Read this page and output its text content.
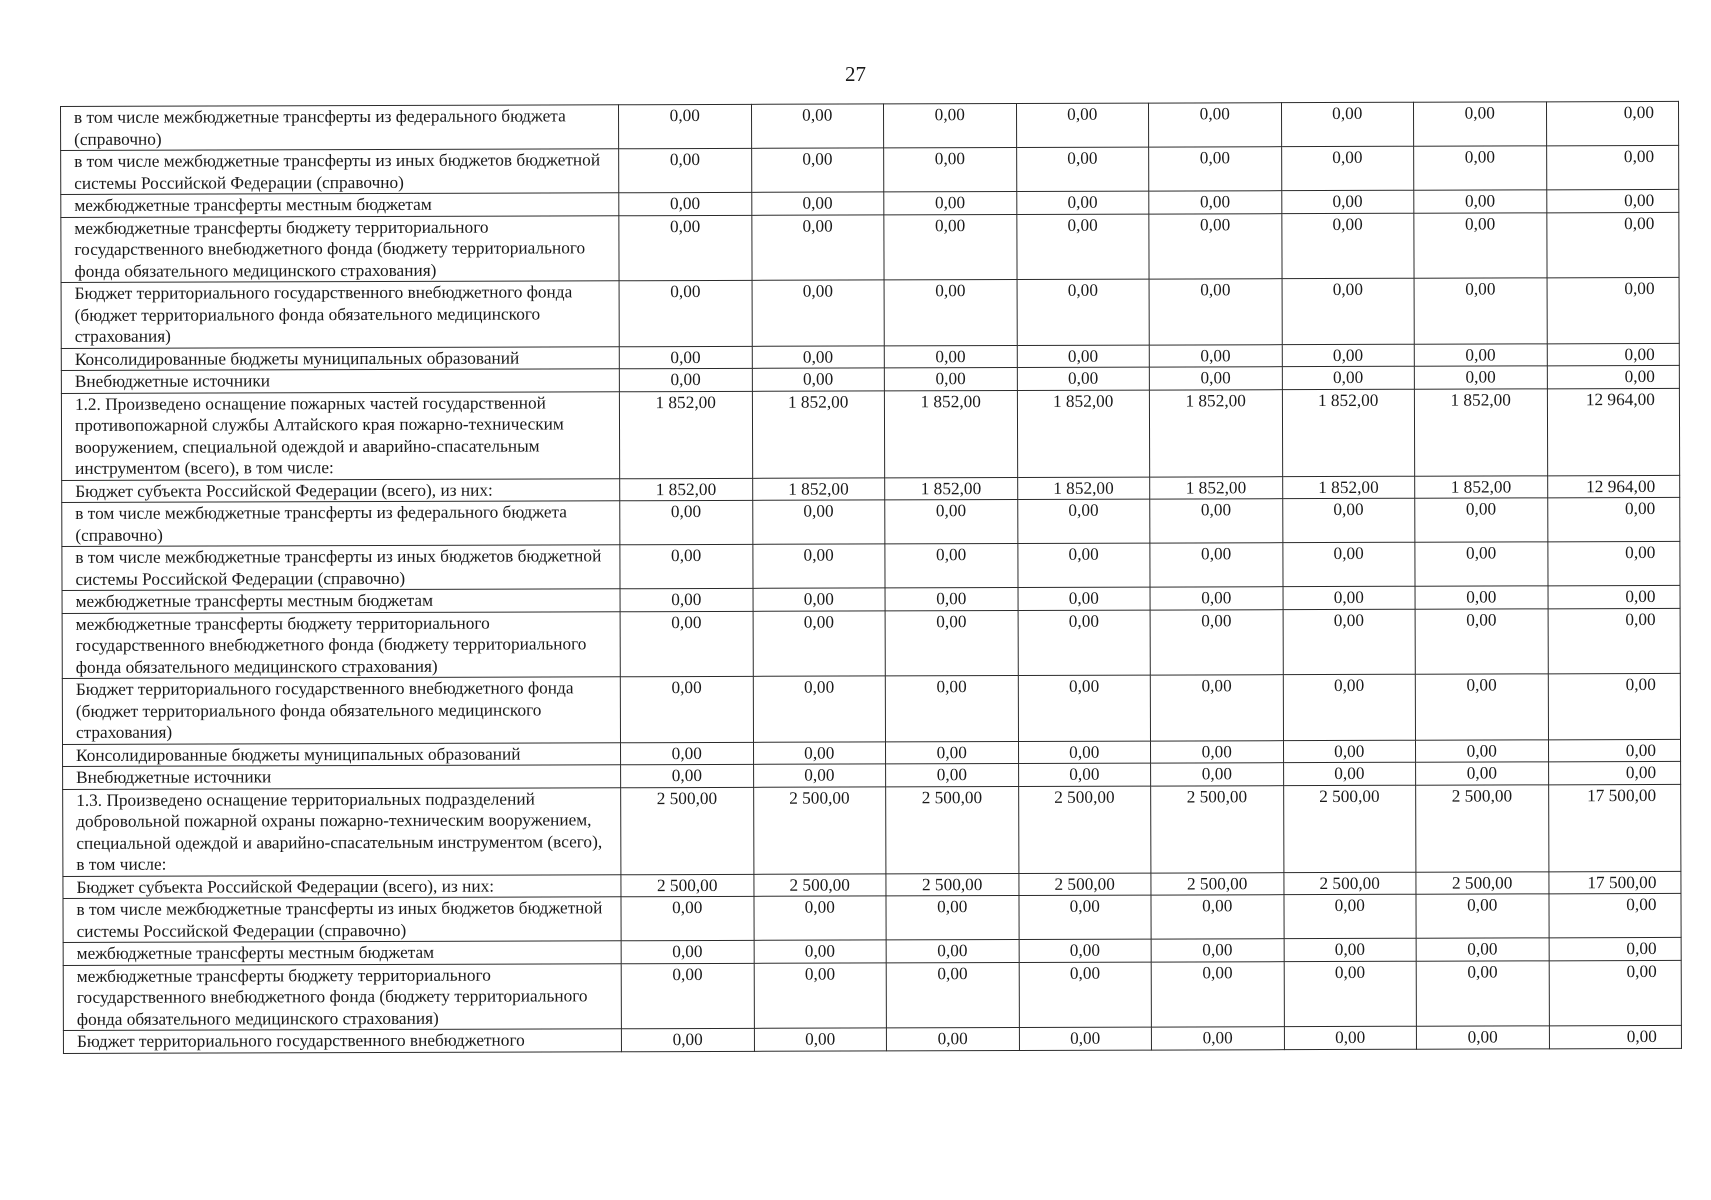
27
в том числе межбюджетные трансферты из федерального бюджета (справочно)	0,00	0,00	0,00	0,00	0,00	0,00	0,00	0,00
в том числе межбюджетные трансферты из иных бюджетов бюджетной системы Российской Федерации (справочно)	0,00	0,00	0,00	0,00	0,00	0,00	0,00	0,00
межбюджетные трансферты местным бюджетам	0,00	0,00	0,00	0,00	0,00	0,00	0,00	0,00
межбюджетные трансферты бюджету территориального государственного внебюджетного фонда (бюджету территориального фонда обязательного медицинского страхования)	0,00	0,00	0,00	0,00	0,00	0,00	0,00	0,00
Бюджет территориального государственного внебюджетного фонда (бюджет территориального фонда обязательного медицинского страхования)	0,00	0,00	0,00	0,00	0,00	0,00	0,00	0,00
Консолидированные бюджеты муниципальных образований	0,00	0,00	0,00	0,00	0,00	0,00	0,00	0,00
Внебюджетные источники	0,00	0,00	0,00	0,00	0,00	0,00	0,00	0,00
1.2. Произведено оснащение пожарных частей государственной противопожарной службы Алтайского края пожарно-техническим вооружением, специальной одеждой и аварийно-спасательным инструментом (всего), в том числе:	1 852,00	1 852,00	1 852,00	1 852,00	1 852,00	1 852,00	1 852,00	12 964,00
Бюджет субъекта Российской Федерации (всего), из них:	1 852,00	1 852,00	1 852,00	1 852,00	1 852,00	1 852,00	1 852,00	12 964,00
в том числе межбюджетные трансферты из федерального бюджета (справочно)	0,00	0,00	0,00	0,00	0,00	0,00	0,00	0,00
в том числе межбюджетные трансферты из иных бюджетов бюджетной системы Российской Федерации (справочно)	0,00	0,00	0,00	0,00	0,00	0,00	0,00	0,00
межбюджетные трансферты местным бюджетам	0,00	0,00	0,00	0,00	0,00	0,00	0,00	0,00
межбюджетные трансферты бюджету территориального государственного внебюджетного фонда (бюджету территориального фонда обязательного медицинского страхования)	0,00	0,00	0,00	0,00	0,00	0,00	0,00	0,00
Бюджет территориального государственного внебюджетного фонда (бюджет территориального фонда обязательного медицинского страхования)	0,00	0,00	0,00	0,00	0,00	0,00	0,00	0,00
Консолидированные бюджеты муниципальных образований	0,00	0,00	0,00	0,00	0,00	0,00	0,00	0,00
Внебюджетные источники	0,00	0,00	0,00	0,00	0,00	0,00	0,00	0,00
1.3. Произведено оснащение территориальных подразделений добровольной пожарной охраны пожарно-техническим вооружением, специальной одеждой и аварийно-спасательным инструментом (всего), в том числе:	2 500,00	2 500,00	2 500,00	2 500,00	2 500,00	2 500,00	2 500,00	17 500,00
Бюджет субъекта Российской Федерации (всего), из них:	2 500,00	2 500,00	2 500,00	2 500,00	2 500,00	2 500,00	2 500,00	17 500,00
в том числе межбюджетные трансферты из иных бюджетов бюджетной системы Российской Федерации (справочно)	0,00	0,00	0,00	0,00	0,00	0,00	0,00	0,00
межбюджетные трансферты местным бюджетам	0,00	0,00	0,00	0,00	0,00	0,00	0,00	0,00
межбюджетные трансферты бюджету территориального государственного внебюджетного фонда (бюджету территориального фонда обязательного медицинского страхования)	0,00	0,00	0,00	0,00	0,00	0,00	0,00	0,00
Бюджет территориального государственного внебюджетного	0,00	0,00	0,00	0,00	0,00	0,00	0,00	0,00
